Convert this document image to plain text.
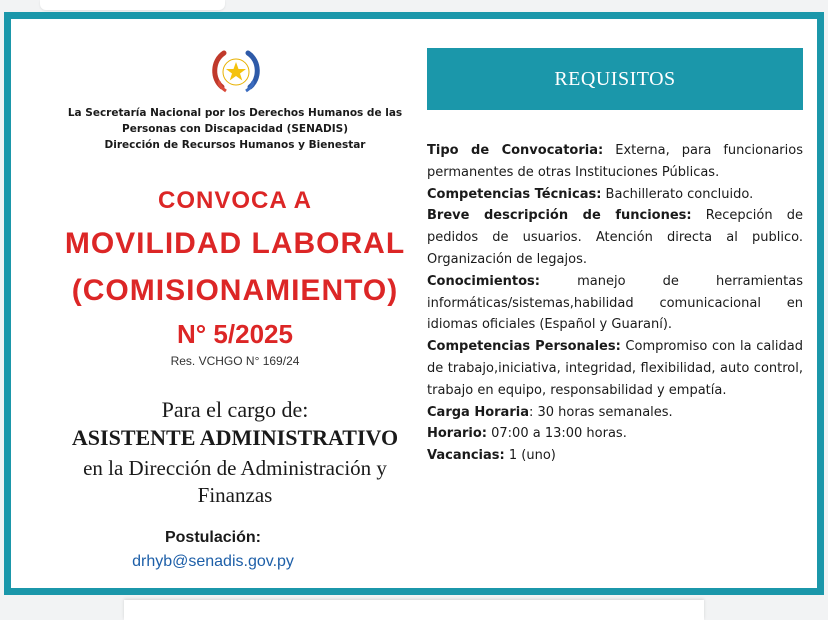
La Secretaría Nacional por los Derechos Humanos de las
Personas con Discapacidad (SENADIS)
Dirección de Recursos Humanos y Bienestar
CONVOCA A
MOVILIDAD LABORAL
(COMISIONAMIENTO)
N° 5/2025
Res. VCHGO N° 169/24
Para el cargo de:
ASISTENTE ADMINISTRATIVO
en la Dirección de Administración y
Finanzas
Postulación:
drhyb@senadis.gov.py
REQUISITOS
Tipo de Convocatoria: Externa, para funcionarios permanentes de otras Instituciones Públicas.
Competencias Técnicas: Bachillerato concluido.
Breve descripción de funciones: Recepción de pedidos de usuarios. Atención directa al publico. Organización de legajos.
Conocimientos: manejo de herramientas informáticas/sistemas,habilidad comunicacional en idiomas oficiales (Español y Guaraní).
Competencias Personales: Compromiso con la calidad de trabajo,iniciativa, integridad, flexibilidad, auto control, trabajo en equipo, responsabilidad y empatía.
Carga Horaria: 30 horas semanales.
Horario: 07:00 a 13:00 horas.
Vacancias: 1 (uno)
